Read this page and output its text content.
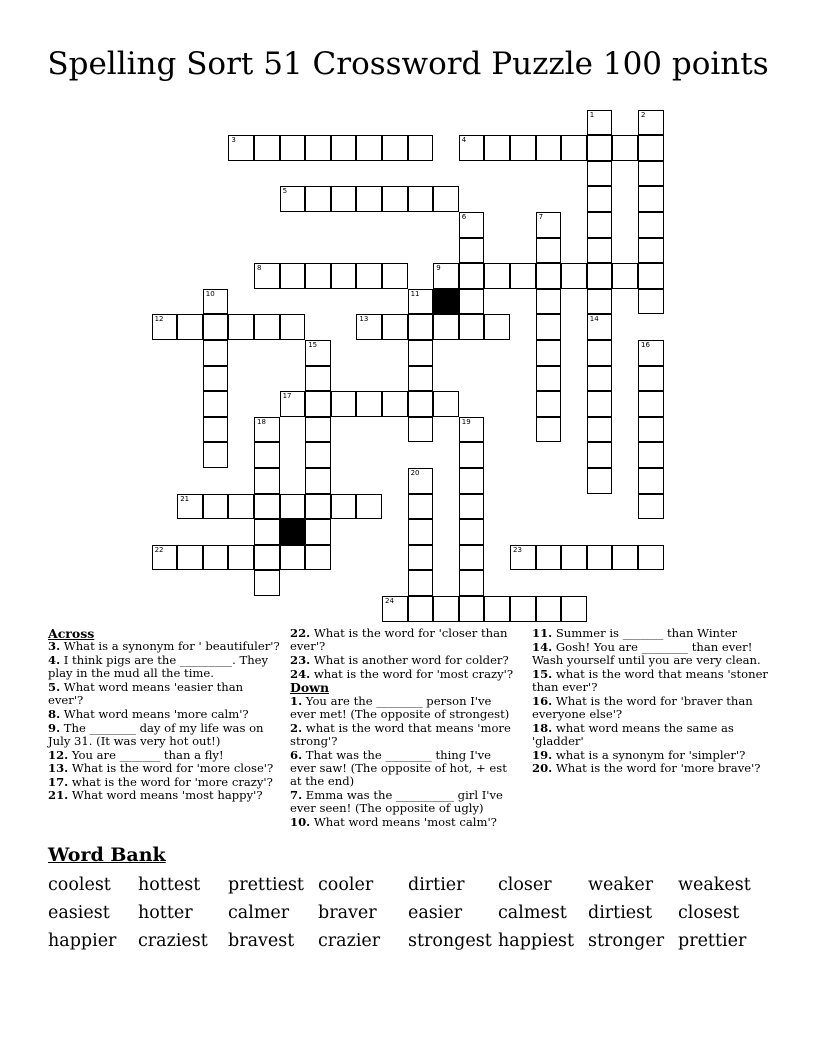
Spelling Sort 51 Crossword Puzzle 100 points
3	4
5
8	9
12	13
17
21
22	23
24
1
14
2
6	7
10	11
15	16
18	19
20
Across

3. What is a synonym for ' beautifuler'?

4. I think pigs are the _________. They play in the mud all the time.

5. What word means 'easier than ever'?

8. What word means 'more calm'?

9. The ________ day of my life was on July 31. (It was very hot out!)

12. You are _______ than a fly!

13. What is the word for 'more close'?

17. what is the word for 'more crazy'?

21. What word means 'most happy'?

22. What is the word for 'closer than ever'?

23. What is another word for colder?

24. what is the word for 'most crazy'?

Down

1. You are the ________ person I've ever met! (The opposite of strongest)

2. what is the word that means 'more strong'?

6. That was the ________ thing I've ever saw! (The opposite of hot, + est at the end)

7. Emma was the __________ girl I've ever seen! (The opposite of ugly)

10. What word means 'most calm'?

11. Summer is _______ than Winter

14. Gosh! You are ________ than ever! Wash yourself until you are very clean.

15. what is the word that means 'stoner than ever'?

16. What is the word for 'braver than everyone else'?

18. what word means the same as 'gladder'

19. what is a synonym for 'simpler'?

20. What is the word for 'more brave'?

Word Bank
coolest	hottest	prettiest cooler	dirtier	closer	weaker	weakest
easiest	hotter	calmer	braver	easier	calmest	dirtiest	closest
happier	craziest	bravest	crazier	strongest happiest stronger prettier
